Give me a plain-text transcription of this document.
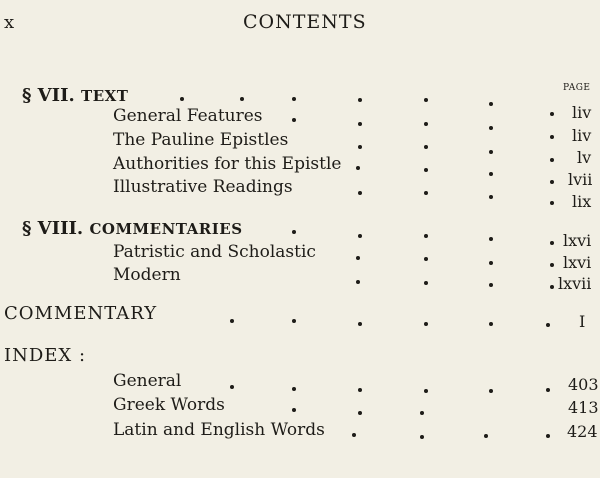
x	CONTENTS
PAGE
§ VII. TEXT
General Features
The Pauline Epistles
Authorities for this Epistle
Illustrative Readings
liv
liv
lv
lvii
lix
§ VIII. COMMENTARIES
Patristic and Scholastic
Modern
lxvi
lxvi
lxvii
COMMENTARY	I
INDEX :
General
Greek Words
Latin and English Words
403
413
424
